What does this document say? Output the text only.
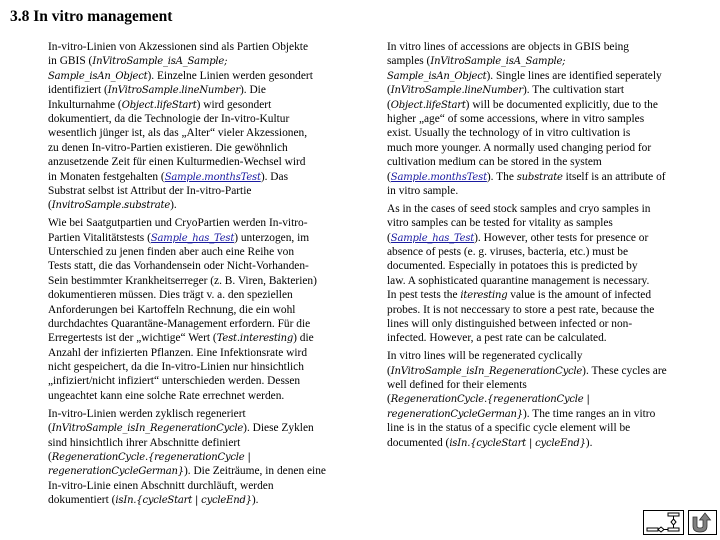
3.8 In vitro management
In-vitro-Linien von Akzessionen sind als Partien Objekte
in GBIS (InVitroSample_isA_Sample;
Sample_isAn_Object). Einzelne Linien werden gesondert
identifiziert (InVitroSample.lineNumber). Die
Inkulturnahme (Object.lifeStart) wird gesondert
dokumentiert, da die Technologie der In-vitro-Kultur
wesentlich jünger ist, als das „Alter“ vieler Akzessionen,
zu denen In-vitro-Partien existieren. Die gewöhnlich
anzusetzende Zeit für einen Kulturmedien-Wechsel wird
in Monaten festgehalten (Sample.monthsTest). Das
Substrat selbst ist Attribut der In-vitro-Partie
(InvitroSample.substrate).
Wie bei Saatgutpartien und CryoPartien werden In-vitro-
Partien Vitalitätstests (Sample_has_Test) unterzogen, im
Unterschied zu jenen finden aber auch eine Reihe von
Tests statt, die das Vorhandensein oder Nicht-Vorhanden-
Sein bestimmter Krankheitserreger (z. B. Viren, Bakterien)
dokumentieren müssen. Dies trägt v. a. den speziellen
Anforderungen bei Kartoffeln Rechnung, die ein wohl
durchdachtes Quarantäne-Management erfordern. Für die
Erregertests ist der „wichtige“ Wert (Test.interesting) die
Anzahl der infizierten Pflanzen. Eine Infektionsrate wird
nicht gespeichert, da die In-vitro-Linien nur hinsichtlich
„infiziert/nicht infiziert“ unterschieden werden. Dessen
ungeachtet kann eine solche Rate errechnet werden.
In-vitro-Linien werden zyklisch regeneriert
(InVitroSample_isIn_RegenerationCycle). Diese Zyklen
sind hinsichtlich ihrer Abschnitte definiert
(RegenerationCycle.{regenerationCycle |
regenerationCycleGerman}). Die Zeiträume, in denen eine
In-vitro-Linie einen Abschnitt durchläuft, werden
dokumentiert (isIn.{cycleStart | cycleEnd}).
In vitro lines of accessions are objects in GBIS being
samples (InVitroSample_isA_Sample;
Sample_isAn_Object). Single lines are identified seperately
(InVitroSample.lineNumber). The cultivation start
(Object.lifeStart) will be documented explicitly, due to the
higher „age“ of some accessions, where in vitro samples
exist. Usually the technology of in vitro cultivation is
much more younger. A normally used changing period for
cultivation medium can be stored in the system
(Sample.monthsTest). The substrate itself is an attribute of
in vitro sample.
As in the cases of seed stock samples and cryo samples in
vitro samples can be tested for vitality as samples
(Sample_has_Test). However, other tests for presence or
absence of pests (e. g. viruses, bacteria, etc.) must be
documented. Especially in potatoes this is predicted by
law. A sophisticated quarantine management is necessary.
In pest tests the iteresting value is the amount of infected
probes. It is not neccessary to store a pest rate, because the
lines will only distinguished between infected or non-
infected. However, a pest rate can be calculated.
In vitro lines will be regenerated cyclically
(InVitroSample_isIn_RegenerationCycle). These cycles are
well defined for their elements
(RegenerationCycle.{regenerationCycle |
regenerationCycleGerman}). The time ranges an in vitro
line is in the status of a specific cycle element will be
documented (isIn.{cycleStart | cycleEnd}).
